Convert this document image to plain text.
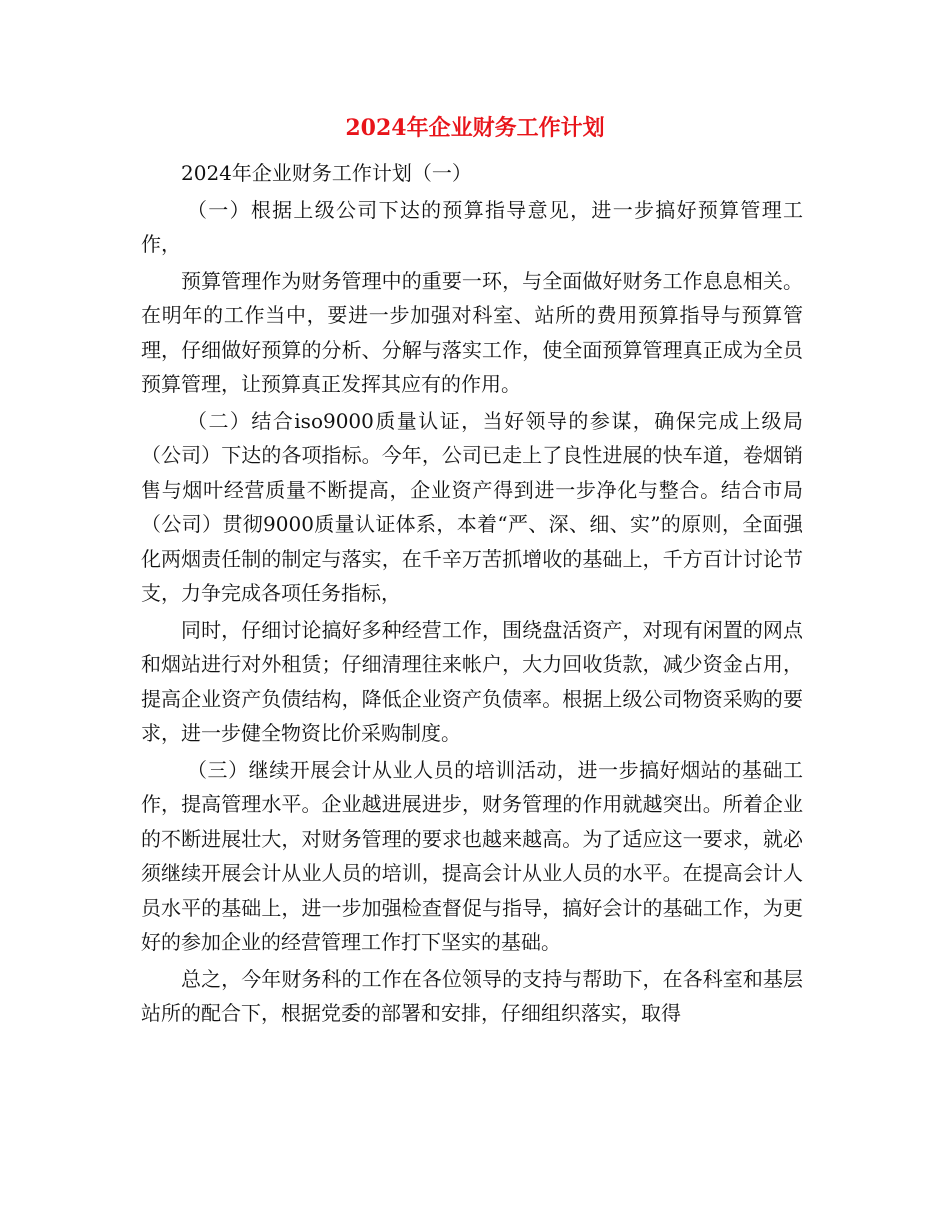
2024年企业财务工作计划

2024年企业财务工作计划（一）

（一）根据上级公司下达的预算指导意见，进一步搞好预算管理工作，

预算管理作为财务管理中的重要一环，与全面做好财务工作息息相关。在明年的工作当中，要进一步加强对科室、站所的费用预算指导与预算管理，仔细做好预算的分析、分解与落实工作，使全面预算管理真正成为全员预算管理，让预算真正发挥其应有的作用。

（二）结合iso9000质量认证，当好领导的参谋，确保完成上级局（公司）下达的各项指标。今年，公司已走上了良性进展的快车道，卷烟销售与烟叶经营质量不断提高，企业资产得到进一步净化与整合。结合市局（公司）贯彻9000质量认证体系，本着“严、深、细、实”的原则，全面强化两烟责任制的制定与落实，在千辛万苦抓增收的基础上，千方百计讨论节支，力争完成各项任务指标，

同时，仔细讨论搞好多种经营工作，围绕盘活资产，对现有闲置的网点和烟站进行对外租赁；仔细清理往来帐户，大力回收货款，减少资金占用，提高企业资产负债结构，降低企业资产负债率。根据上级公司物资采购的要求，进一步健全物资比价采购制度。

（三）继续开展会计从业人员的培训活动，进一步搞好烟站的基础工作，提高管理水平。企业越进展进步，财务管理的作用就越突出。所着企业的不断进展壮大，对财务管理的要求也越来越高。为了适应这一要求，就必须继续开展会计从业人员的培训，提高会计从业人员的水平。在提高会计人员水平的基础上，进一步加强检查督促与指导，搞好会计的基础工作，为更好的参加企业的经营管理工作打下坚实的基础。

总之，今年财务科的工作在各位领导的支持与帮助下，在各科室和基层站所的配合下，根据党委的部署和安排，仔细组织落实，取得
